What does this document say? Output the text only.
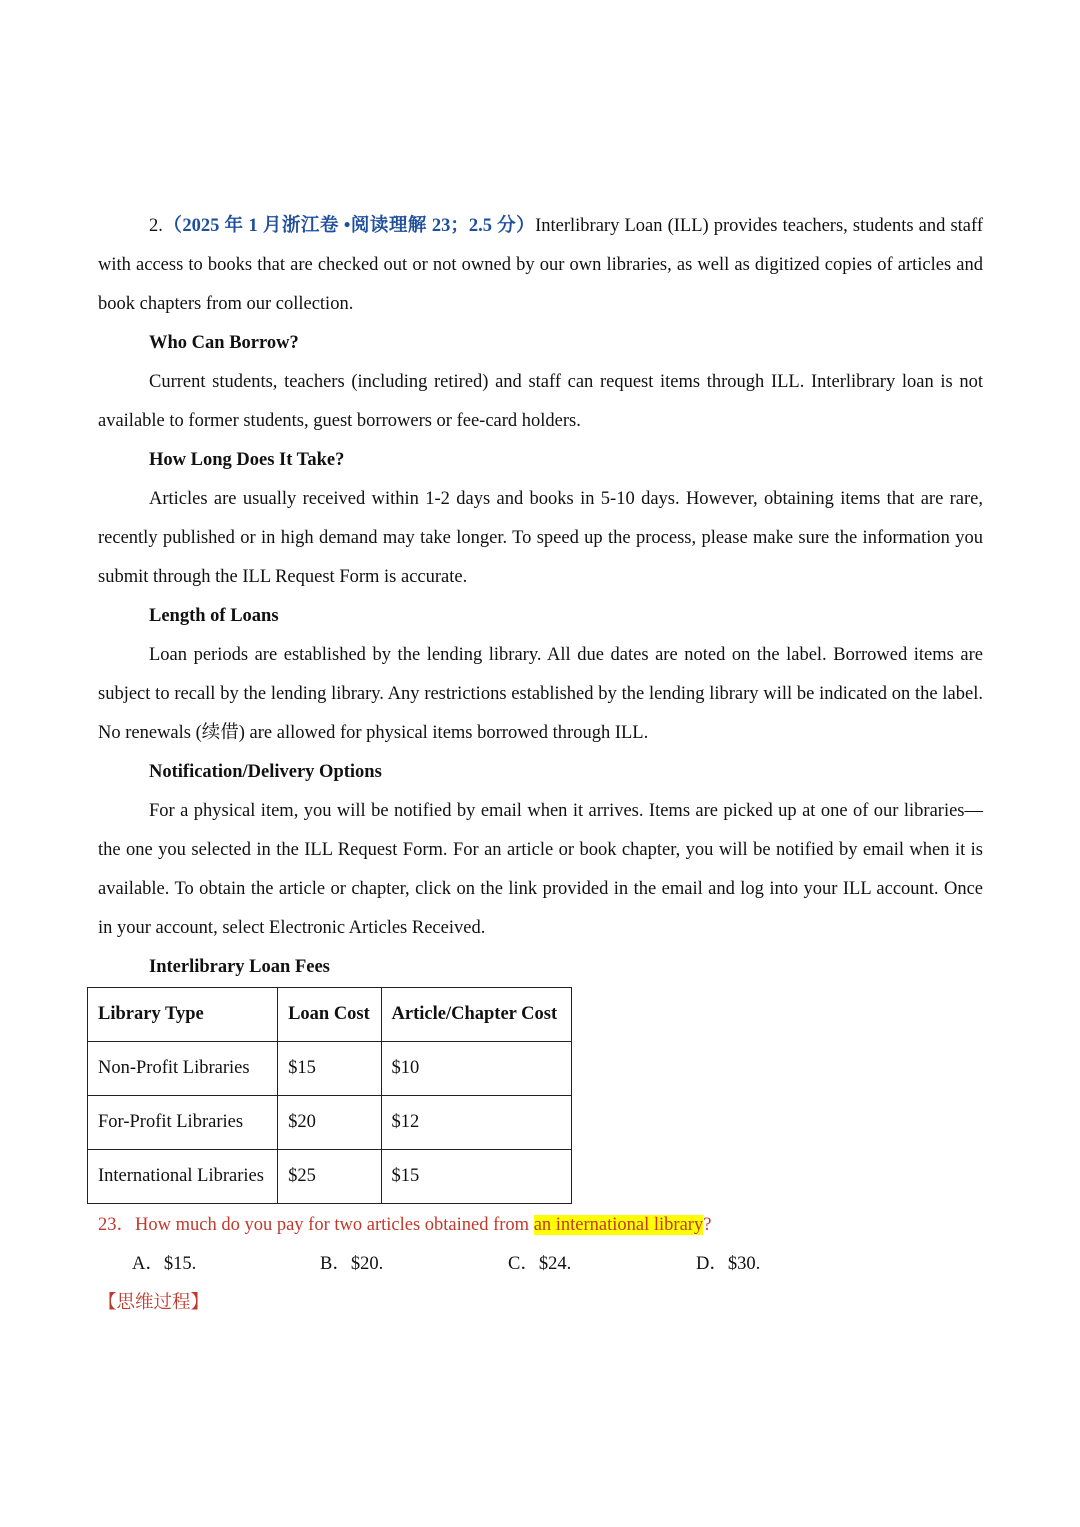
2.（2025 年 1 月浙江卷 •阅读理解 23；2.5 分）Interlibrary Loan (ILL) provides teachers, students and staff with access to books that are checked out or not owned by our own libraries, as well as digitized copies of articles and book chapters from our collection.

Who Can Borrow?

Current students, teachers (including retired) and staff can request items through ILL. Interlibrary loan is not available to former students, guest borrowers or fee-card holders.

How Long Does It Take?

Articles are usually received within 1-2 days and books in 5-10 days. However, obtaining items that are rare, recently published or in high demand may take longer. To speed up the process, please make sure the information you submit through the ILL Request Form is accurate.

Length of Loans

Loan periods are established by the lending library. All due dates are noted on the label. Borrowed items are subject to recall by the lending library. Any restrictions established by the lending library will be indicated on the label. No renewals (续借) are allowed for physical items borrowed through ILL.

Notification/Delivery Options

For a physical item, you will be notified by email when it arrives. Items are picked up at one of our libraries—the one you selected in the ILL Request Form. For an article or book chapter, you will be notified by email when it is available. To obtain the article or chapter, click on the link provided in the email and log into your ILL account. Once in your account, select Electronic Articles Received.

Interlibrary Loan Fees

Library Type	Loan Cost	Article/Chapter Cost
Non-Profit Libraries	$15	$10
For-Profit Libraries	$20	$12
International Libraries	$25	$15

23．How much do you pay for two articles obtained from an international library?

A．$15.	B．$20.	C．$24.	D．$30.

【思维过程】
